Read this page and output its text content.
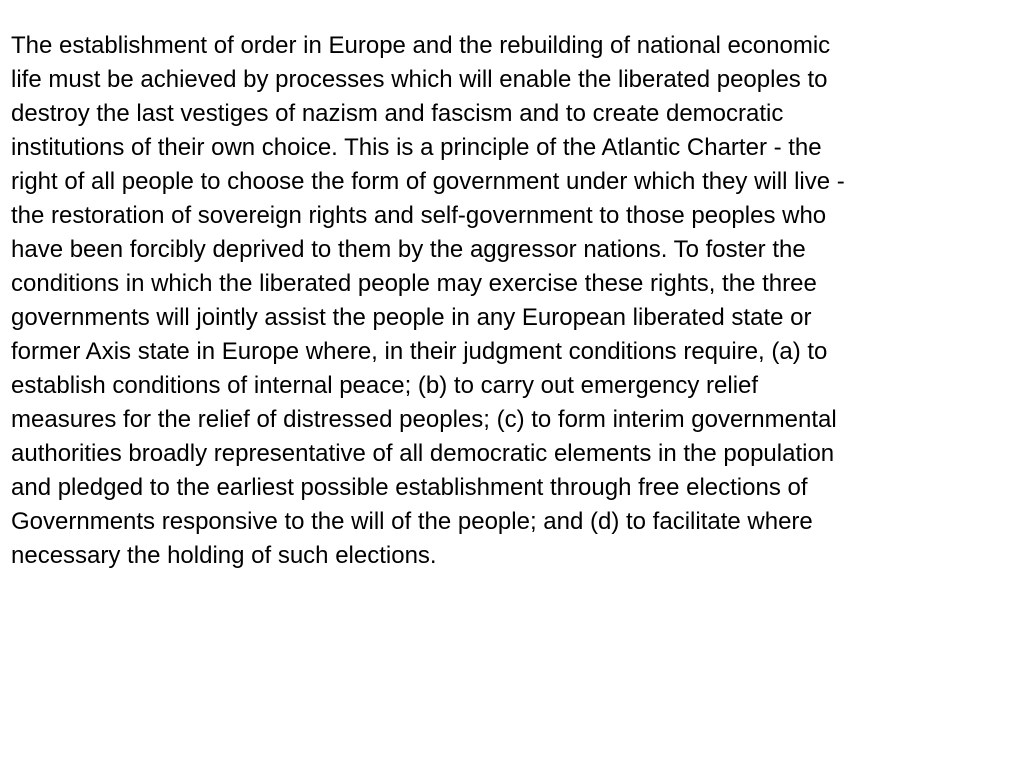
The establishment of order in Europe and the rebuilding of national economic
life must be achieved by processes which will enable the liberated peoples to
destroy the last vestiges of nazism and fascism and to create democratic
institutions of their own choice. This is a principle of the Atlantic Charter - the
right of all people to choose the form of government under which they will live -
the restoration of sovereign rights and self-government to those peoples who
have been forcibly deprived to them by the aggressor nations. To foster the
conditions in which the liberated people may exercise these rights, the three
governments will jointly assist the people in any European liberated state or
former Axis state in Europe where, in their judgment conditions require, (a) to
establish conditions of internal peace; (b) to carry out emergency relief
measures for the relief of distressed peoples; (c) to form interim governmental
authorities broadly representative of all democratic elements in the population
and pledged to the earliest possible establishment through free elections of
Governments responsive to the will of the people; and (d) to facilitate where
necessary the holding of such elections.
